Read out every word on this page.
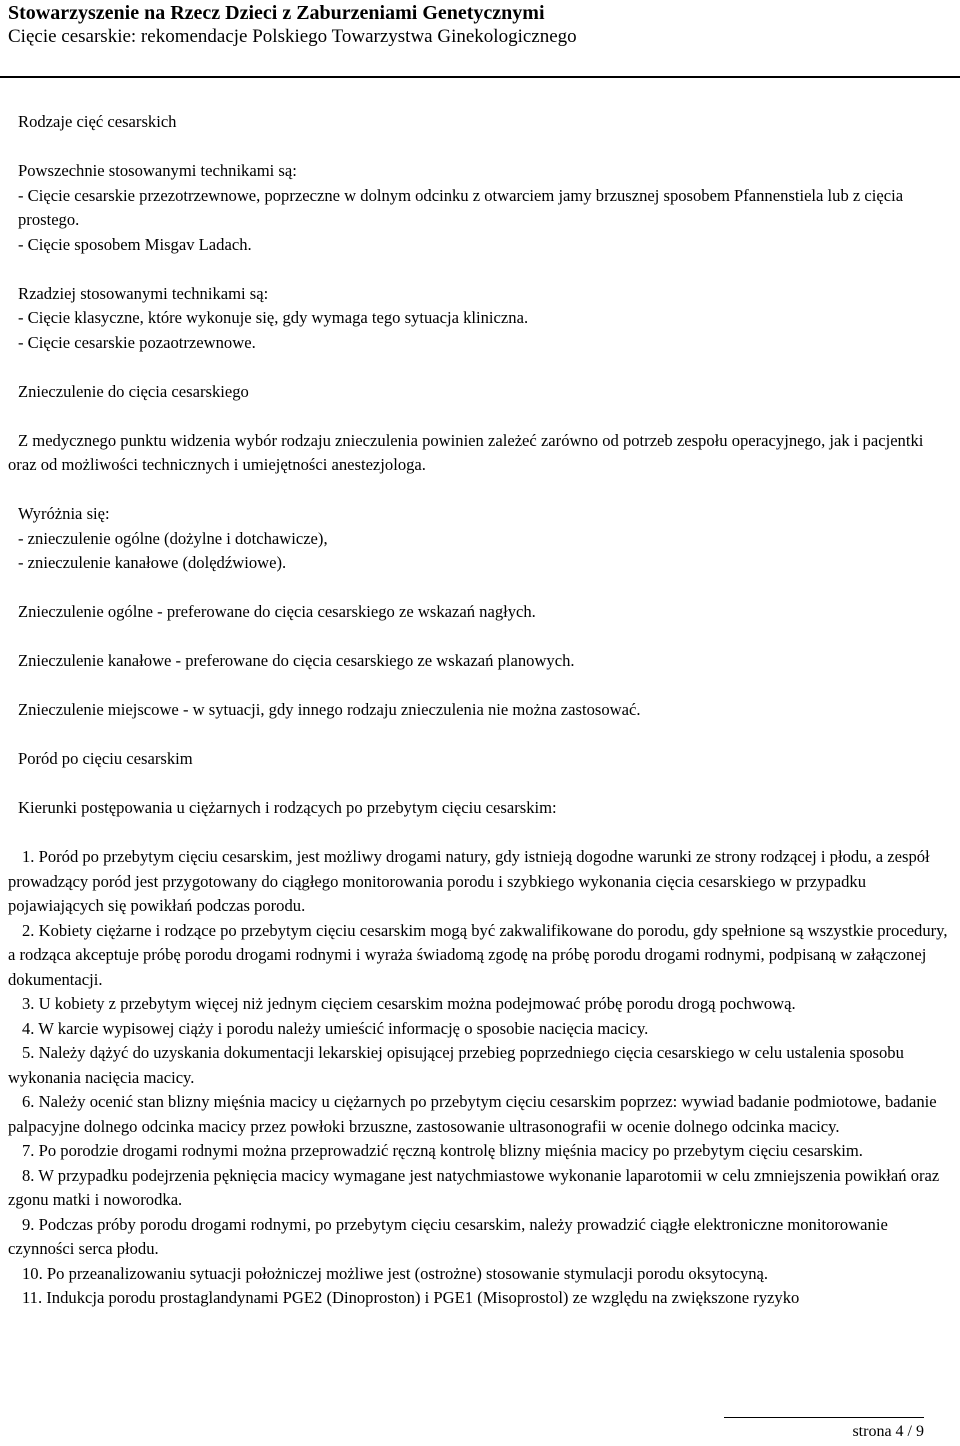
Stowarzyszenie na Rzecz Dzieci z Zaburzeniami Genetycznymi
Cięcie cesarskie: rekomendacje Polskiego Towarzystwa Ginekologicznego

Rodzaje cięć cesarskich

Powszechnie stosowanymi technikami są:
- Cięcie cesarskie przezotrzewnowe, poprzeczne w dolnym odcinku z otwarciem jamy brzusznej sposobem Pfannenstiela lub z cięcia prostego.
- Cięcie sposobem Misgav Ladach.
Rzadziej stosowanymi technikami są:
- Cięcie klasyczne, które wykonuje się, gdy wymaga tego sytuacja kliniczna.
- Cięcie cesarskie pozaotrzewnowe.

Znieczulenie do cięcia cesarskiego

Z medycznego punktu widzenia wybór rodzaju znieczulenia powinien zależeć zarówno od potrzeb zespołu operacyjnego, jak i pacjentki oraz od możliwości technicznych i umiejętności anestezjologa.

Wyróżnia się:
- znieczulenie ogólne (dożylne i dotchawicze),
- znieczulenie kanałowe (dolędźwiowe).

Znieczulenie ogólne - preferowane do cięcia cesarskiego ze wskazań nagłych.

Znieczulenie kanałowe - preferowane do cięcia cesarskiego ze wskazań planowych.

Znieczulenie miejscowe - w sytuacji, gdy innego rodzaju znieczulenia nie można zastosować.

Poród po cięciu cesarskim

Kierunki postępowania u ciężarnych i rodzących po przebytym cięciu cesarskim:

1. Poród po przebytym cięciu cesarskim, jest możliwy drogami natury, gdy istnieją dogodne warunki ze strony rodzącej i płodu, a zespół prowadzący poród jest przygotowany do ciągłego monitorowania porodu i szybkiego wykonania cięcia cesarskiego w przypadku pojawiających się powikłań podczas porodu.

2. Kobiety ciężarne i rodzące po przebytym cięciu cesarskim mogą być zakwalifikowane do porodu, gdy spełnione są wszystkie procedury, a rodząca akceptuje próbę porodu drogami rodnymi i wyraża świadomą zgodę na próbę porodu drogami rodnymi, podpisaną w załączonej dokumentacji.

3. U kobiety z przebytym więcej niż jednym cięciem cesarskim można podejmować próbę porodu drogą pochwową.

4. W karcie wypisowej ciąży i porodu należy umieścić informację o sposobie nacięcia macicy.

5. Należy dążyć do uzyskania dokumentacji lekarskiej opisującej przebieg poprzedniego cięcia cesarskiego w celu ustalenia sposobu wykonania nacięcia macicy.

6. Należy ocenić stan blizny mięśnia macicy u ciężarnych po przebytym cięciu cesarskim poprzez: wywiad badanie podmiotowe, badanie palpacyjne dolnego odcinka macicy przez powłoki brzuszne, zastosowanie ultrasonografii w ocenie dolnego odcinka macicy.

7. Po porodzie drogami rodnymi można przeprowadzić ręczną kontrolę blizny mięśnia macicy po przebytym cięciu cesarskim.

8. W przypadku podejrzenia pęknięcia macicy wymagane jest natychmiastowe wykonanie laparotomii w celu zmniejszenia powikłań oraz zgonu matki i noworodka.

9. Podczas próby porodu drogami rodnymi, po przebytym cięciu cesarskim, należy prowadzić ciągłe elektroniczne monitorowanie czynności serca płodu.

10. Po przeanalizowaniu sytuacji położniczej możliwe jest (ostrożne) stosowanie stymulacji porodu oksytocyną.

11. Indukcja porodu prostaglandynami PGE2 (Dinoproston) i PGE1 (Misoprostol) ze względu na zwiększone ryzyko

strona 4 / 9
